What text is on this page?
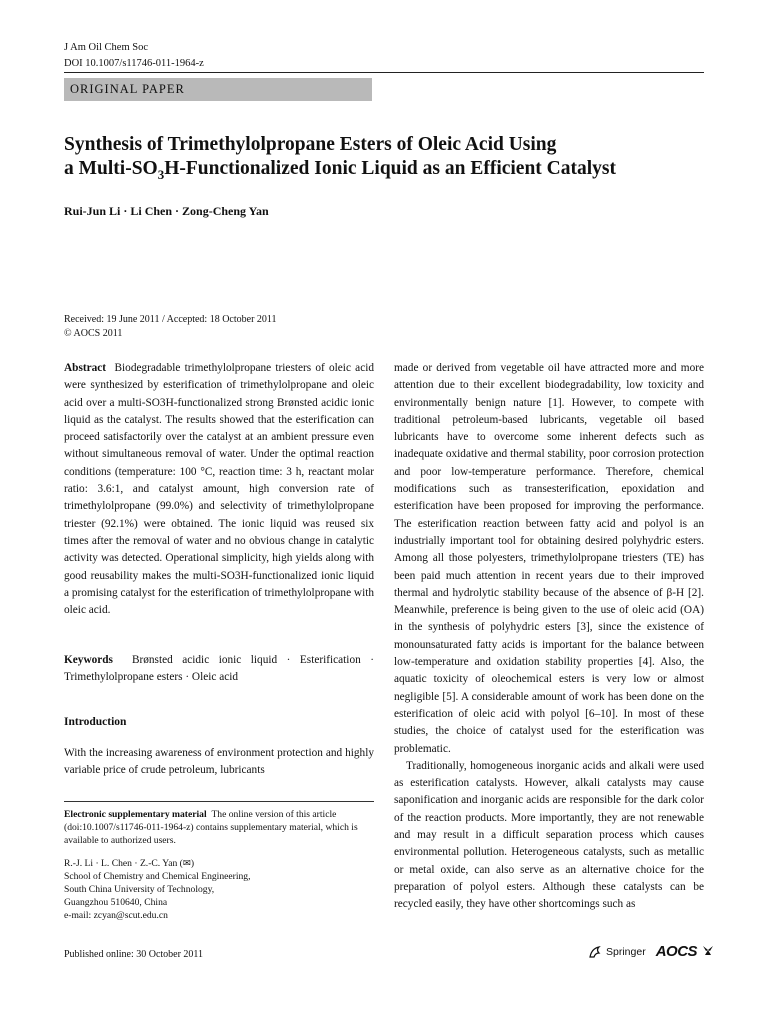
J Am Oil Chem Soc
DOI 10.1007/s11746-011-1964-z
ORIGINAL PAPER
Synthesis of Trimethylolpropane Esters of Oleic Acid Using
a Multi-$SO_3H$-Functionalized Ionic Liquid as an Efficient Catalyst
Rui-Jun Li · Li Chen · Zong-Cheng Yan
Received: 19 June 2011 / Accepted: 18 October 2011
© AOCS 2011

Abstract Biodegradable trimethylolpropane triesters of oleic acid were synthesized by esterification of trimethylolpropane and oleic acid over a multi-SO3H-functionalized strong Brønsted acidic ionic liquid as the catalyst. The results showed that the esterification can proceed satisfactorily over the catalyst at an ambient pressure even without simultaneous removal of water. Under the optimal reaction conditions (temperature: 100 °C, reaction time: 3 h, reactant molar ratio: 3.6:1, and catalyst amount, high conversion rate of trimethylolpropane (99.0%) and selectivity of trimethylolpropane triester (92.1%) were obtained. The ionic liquid was reused six times after the removal of water and no obvious change in catalytic activity was detected. Operational simplicity, high yields along with good reusability makes the multi-SO3H-functionalized ionic liquid a promising catalyst for the esterification of trimethylolpropane with oleic acid.

Keywords Brønsted acidic ionic liquid · Esterification · Trimethylolpropane esters · Oleic acid

Introduction
With the increasing awareness of environment protection and highly variable price of crude petroleum, lubricants
Electronic supplementary material The online version of this article (doi:10.1007/s11746-011-1964-z) contains supplementary material, which is available to authorized users.
R.-J. Li · L. Chen · Z.-C. Yan (✉)
School of Chemistry and Chemical Engineering,
South China University of Technology,
Guangzhou 510640, China
e-mail: zcyan@scut.edu.cn

made or derived from vegetable oil have attracted more and more attention due to their excellent biodegradability, low toxicity and environmentally benign nature [1]. However, to compete with traditional petroleum-based lubricants, vegetable oil based lubricants have to overcome some inherent defects such as inadequate oxidative and thermal stability, poor corrosion protection and poor low-temperature performance. Therefore, chemical modifications such as transesterification, epoxidation and esterification have been proposed for improving the performance. The esterification reaction between fatty acid and polyol is an industrially important tool for obtaining desired polyhydric esters. Among all those polyesters, trimethylolpropane triesters (TE) has been paid much attention in recent years due to their improved thermal and hydrolytic stability because of the absence of β-H [2]. Meanwhile, preference is being given to the use of oleic acid (OA) in the synthesis of polyhydric esters [3], since the existence of monounsaturated fatty acids is important for the balance between low-temperature and oxidation stability properties [4]. Also, the aquatic toxicity of oleochemical esters is very low or almost negligible [5]. A considerable amount of work has been done on the esterification of oleic acid with polyol [6–10]. In most of these studies, the choice of catalyst used for the esterification was problematic.

Traditionally, homogeneous inorganic acids and alkali were used as esterification catalysts. However, alkali catalysts may cause saponification and inorganic acids are responsible for the dark color of the reaction products. More importantly, they are not renewable and may result in a difficult separation process which causes environmental pollution. Heterogeneous catalysts, such as metallic or metal oxide, can also serve as an alternative choice for the preparation of polyol esters. Although these catalysts can be recycled easily, they have other shortcomings such as

Published online: 30 October 2011	Springer AOCS
